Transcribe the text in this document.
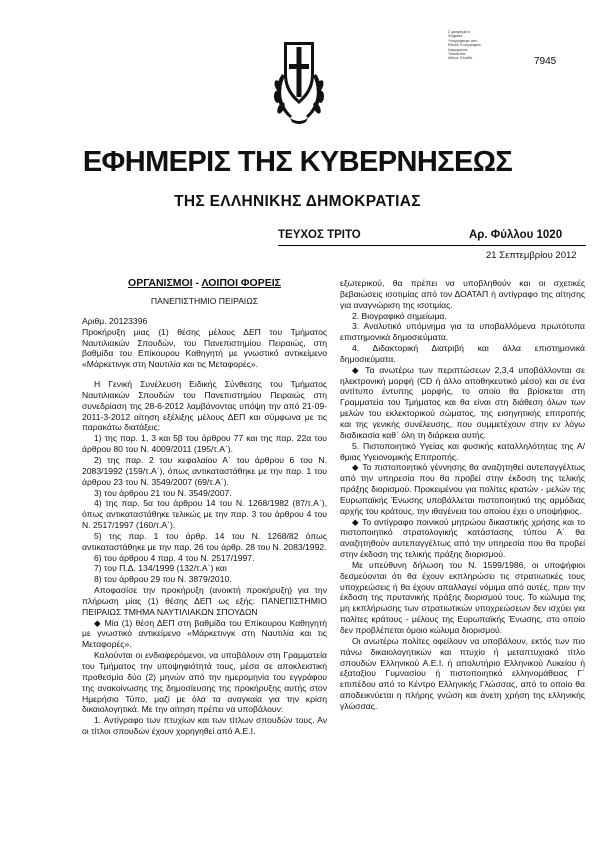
Σ φραγισμένο
Ψηφιακά
Υπογράφτηκε από
Εθνικό Τυπογραφείο
Ημερομηνία:
Τοποθεσία:
Αθήνα, Ελλάδα	7945
ΕΦΗΜΕΡΙΣ ΤΗΣ ΚΥΒΕΡΝΗΣΕΩΣ
ΤΗΣ ΕΛΛΗΝΙΚΗΣ ΔΗΜΟΚΡΑΤΙΑΣ
ΤΕΥΧΟΣ ΤΡΙΤΟ	Αρ. Φύλλου 1020
21 Σεπτεμβρίου 2012
ΟΡΓΑΝΙΣΜΟΙ - ΛΟΙΠΟΙ ΦΟΡΕΙΣ

ΠΑΝΕΠΙΣΤΗΜΙΟ ΠΕΙΡΑΙΩΣ

Αριθμ. 20123396

Προκήρυξη μιας (1) θέσης μέλους ΔΕΠ του Τμήματος Ναυτιλιακών Σπουδών, του Πανεπιστημίου Πειραιώς, στη βαθμίδα του Επίκουρου Καθηγητή με γνωστικό αντικείμενο «Μάρκετινγκ στη Ναυτιλία και τις Μεταφορές».

Η Γενική Συνέλευση Ειδικής Σύνθεσης του Τμήματος Ναυτιλιακών Σπουδών του Πανεπιστημίου Πειραιώς στη συνεδρίαση της 28-6-2012 λαμβάνοντας υπόψη την από 21-09-2011-3-2012 αίτηση εξέλιξης μέλους ΔΕΠ και σύμφωνα με τις παρακάτω διατάξεις:

1) της παρ. 1, 3 και 5β του άρθρου 77 και της παρ. 22α του άρθρου 80 του Ν. 4009/2011 (195/τ.Α΄).

2) της παρ. 2 του κεφαλαίου Α΄ του άρθρου 6 του Ν. 2083/1992 (159/τ.Α΄), όπως αντικαταστάθηκε με την παρ. 1 του άρθρου 23 του Ν. 3549/2007 (69/τ.Α΄).

3) του άρθρου 21 του Ν. 3549/2007.

4) της παρ. 5α του άρθρου 14 του Ν. 1268/1982 (87/τ.Α΄), όπως αντικαταστάθηκε τελικώς με την παρ. 3 του άρθρου 4 του Ν. 2517/1997 (160/τ.Α΄).

5) της παρ. 1 του άρθρ. 14 του Ν. 1268/82 όπως αντικαταστάθηκε με την παρ. 26 του άρθρ. 28 του Ν. 2083/1992.

6) του άρθρου 4 παρ. 4 του Ν. 2517/1997.

7) του Π.Δ. 134/1999 (132/τ.Α΄) και

8) του άρθρου 29 του Ν. 3879/2010.

Αποφασίσε την προκήρυξη (ανοικτή προκήρυξη) για την πλήρωση μίας (1) θέσης ΔΕΠ ως εξής: ΠΑΝΕΠΙΣΤΗΜΙΟ ΠΕΙΡΑΙΩΣ ΤΜΗΜΑ ΝΑΥΤΙΛΙΑΚΩΝ ΣΠΟΥΔΩΝ

◆ Μία (1) θέση ΔΕΠ στη βαθμίδα του Επίκουρου Καθηγητή με γνωστικό αντικείμενο «Μάρκετινγκ στη Ναυτιλία και τις Μεταφορές».

Καλούνται οι ενδιαφερόμενοι, να υποβάλουν στη Γραμματεία του Τμήματος την υποψηφιότητά τους, μέσα σε αποκλειστική προθεσμία δύο (2) μηνών από την ημερομηνία του εγγράφου της ανακοίνωσης της δημοσίευσης της προκήρυξης αυτής στον Ημερήσιο Τύπο, μαζί με όλα τα αναγκαία για την κρίση δικαιολογητικά. Με την αίτηση πρέπει να υποβάλουν:

1. Αντίγραφο των πτυχίων και των τίτλων σπουδών τους. Αν οι τίτλοι σπουδών έχουν χορηγηθεί από Α.Ε.Ι.

εξωτερικού, θα πρέπει να υποβληθούν και οι σχετικές βεβαιώσεις ισοτιμίας από τον ΔΟΑΤΑΠ ή αντίγραφο της αίτησης για αναγνώριση της ισοτιμίας.

2. Βιογραφικό σημείωμα.

3. Αναλυτικό υπόμνημα για τα υποβαλλόμενα πρωτότυπα επιστημονικά δημοσιεύματα.

4. Διδακτορική Διατριβή και άλλα επιστημονικά δημοσιεύματα.

◆ Τα ανωτέρω των περιπτώσεων 2,3,4 υποβάλλονται σε ηλεκτρονική μορφή (CD ή άλλο αποθηκευτικό μέσο) και σε ένα αντίτυπο έντυπης μορφής, το οποίο θα βρίσκεται στη Γραμματεία του Τμήματος και θα είναι στη διάθεση όλων των μελών του εκλεκτορικού σώματος, της εισηγητικής επιτροπής και της γενικής συνέλευσης, που συμμετέχουν στην εν λόγω διαδικασία καθ΄ όλη τη διάρκεια αυτής.

5. Πιστοποιητικό Υγείας και φυσικής καταλληλότητας της Α/θμιας Υγειονομικής Επιτροπής.

◆ Το πιστοποιητικό γέννησης θα αναζητηθεί αυτεπαγγέλτως από την υπηρεσία που θα προβεί στην έκδοση της τελικής πράξης διορισμού. Προκειμένου για πολίτες κρατών - μελών της Ευρωπαϊκής Ένωσης υποβάλλεται πιστοποιητικό της αρμόδιας αρχής του κράτους, την ιθαγένεια του οποίου έχει ο υποψήφιος.

◆ Το αντίγραφο ποινικού μητρώου δικαστικής χρήσης και το πιστοποιητικό στρατολογικής κατάστασης τύπου Α΄ θα αναζητηθούν αυτεπαγγέλτως από την υπηρεσία που θα προβεί στην έκδοση της τελικής πράξης διορισμού.

Με υπεύθυνη δήλωση του Ν. 1599/1986, οι υποψήφιοι δεσμεύονται ότι θα έχουν εκπληρώσει τις στρατιωτικές τους υποχρεώσεις ή θα έχουν απαλλαγεί νόμιμα από αυτές, πριν την έκδοση της πρυτανικής πράξης διορισμού τους. Το κώλυμα της μη εκπλήρωσης των στρατιωτικών υποχρεώσεων δεν ισχύει για πολίτες κράτους - μέλους της Ευρωπαϊκής Ένωσης, στο οποίο δεν προβλέπεται όμοιο κώλυμα διορισμού.

Οι ανωτέρω πολίτες οφείλουν να υποβάλουν, εκτός των πιο πάνω δικαιολογητικών και πτυχίο ή μεταπτυχιακό τίτλο σπουδών Ελληνικού Α.Ε.Ι. ή απολυτήριο Ελληνικού Λυκείου ή εξαταξίου Γυμνασίου ή πιστοποιητικό ελληνομάθειας Γ΄ επιπέδου από το Κέντρο Ελληνικής Γλώσσας, από το οποίο θα αποδεικνύεται η πλήρης γνώση και άνετη χρήση της ελληνικής γλώσσας.
